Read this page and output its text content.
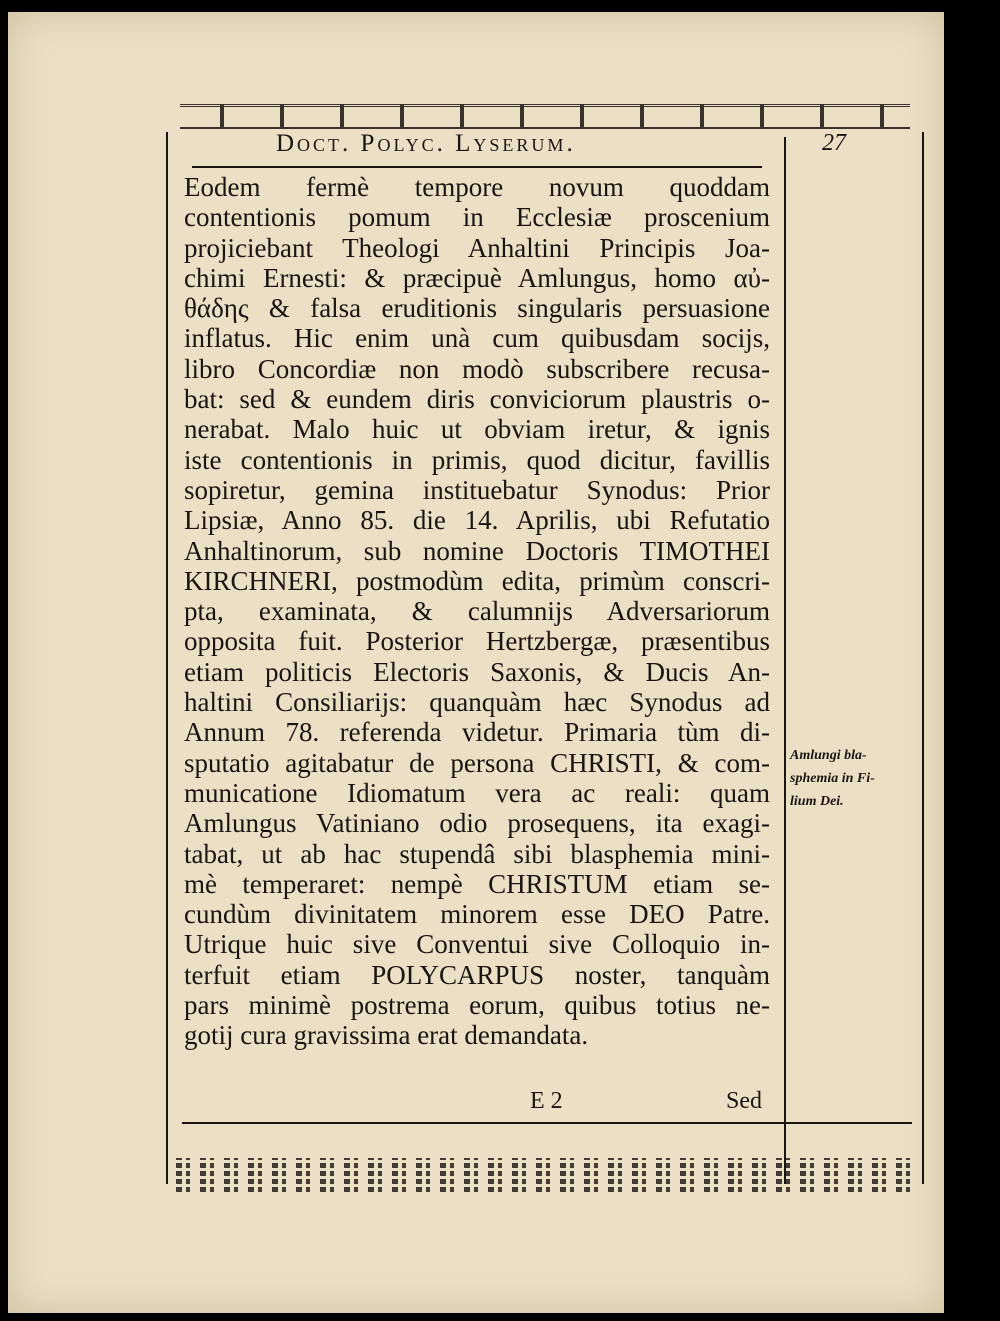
Doct. Polyc. Lyserum.	27
Eodem fermè tempore novum quoddam
contentionis pomum in Ecclesiæ proscenium
projiciebant Theologi Anhaltini Principis Joa-
chimi Ernesti: & præcipuè Amlungus, homo αὐ-
θάδης & falsa eruditionis singularis persuasione
inflatus. Hic enim unà cum quibusdam socijs,
libro Concordiæ non modò subscribere recusa-
bat: sed & eundem diris conviciorum plaustris o-
nerabat. Malo huic ut obviam iretur, & ignis
iste contentionis in primis, quod dicitur, favillis
sopiretur, gemina instituebatur Synodus: Prior
Lipsiæ, Anno 85. die 14. Aprilis, ubi Refutatio
Anhaltinorum, sub nomine Doctoris TIMOTHEI
KIRCHNERI, postmodùm edita, primùm conscri-
pta, examinata, & calumnijs Adversariorum
opposita fuit. Posterior Hertzbergæ, præsentibus
etiam politicis Electoris Saxonis, & Ducis An-
haltini Consiliarijs: quanquàm hæc Synodus ad
Annum 78. referenda videtur. Primaria tùm di-
sputatio agitabatur de persona CHRISTI, & com-
municatione Idiomatum vera ac reali: quam
Amlungus Vatiniano odio prosequens, ita exagi-
tabat, ut ab hac stupendâ sibi blasphemia mini-
mè temperaret: nempè CHRISTUM etiam se-
cundùm divinitatem minorem esse DEO Patre.
Utrique huic sive Conventui sive Colloquio in-
terfuit etiam POLYCARPUS noster, tanquàm
pars minimè postrema eorum, quibus totius ne-
gotij cura gravissima erat demandata.
Amlungi bla-
sphemia in Fi-
lium Dei.
E 2	Sed
